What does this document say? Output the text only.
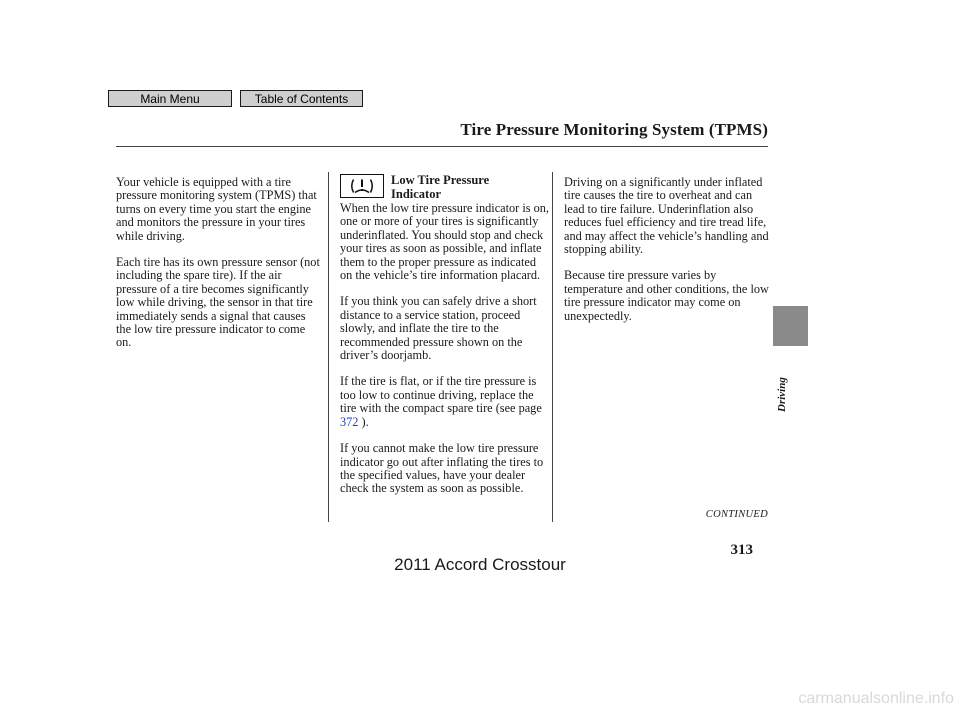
Main Menu	Table of Contents
Tire Pressure Monitoring System (TPMS)

Your vehicle is equipped with a tire pressure monitoring system (TPMS) that turns on every time you start the engine and monitors the pressure in your tires while driving.

Each tire has its own pressure sensor (not including the spare tire). If the air pressure of a tire becomes significantly low while driving, the sensor in that tire immediately sends a signal that causes the low tire pressure indicator to come on.

Low Tire Pressure
Indicator

When the low tire pressure indicator is on, one or more of your tires is significantly underinflated. You should stop and check your tires as soon as possible, and inflate them to the proper pressure as indicated on the vehicle’s tire information placard.

If you think you can safely drive a short distance to a service station, proceed slowly, and inflate the tire to the recommended pressure shown on the driver’s doorjamb.

If the tire is flat, or if the tire pressure is too low to continue driving, replace the tire with the compact spare tire (see page 372 ).

If you cannot make the low tire pressure indicator go out after inflating the tires to the specified values, have your dealer check the system as soon as possible.

Driving on a significantly under inflated tire causes the tire to overheat and can lead to tire failure. Underinflation also reduces fuel efficiency and tire tread life, and may affect the vehicle’s handling and stopping ability.

Because tire pressure varies by temperature and other conditions, the low tire pressure indicator may come on unexpectedly.

CONTINUED
Driving
313
2011 Accord Crosstour
carmanualsonline.info
